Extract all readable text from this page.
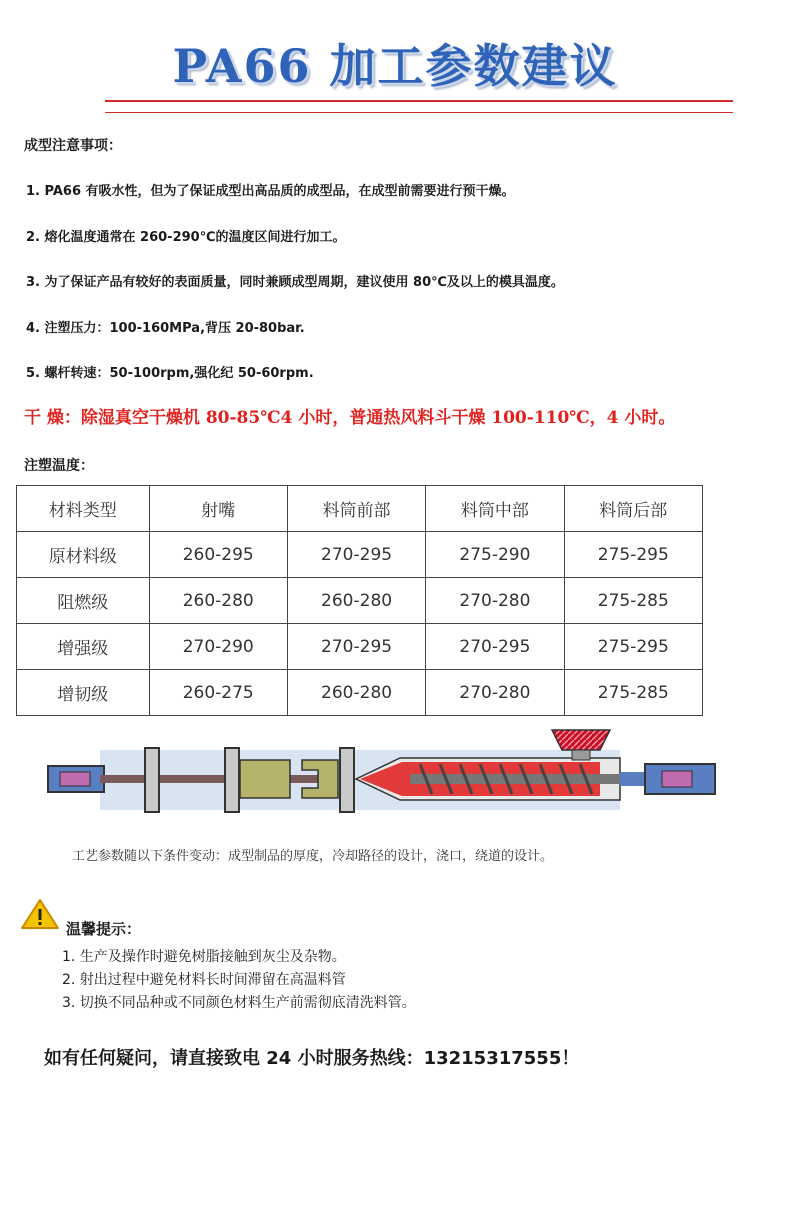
PA66 加工参数建议
成型注意事项：
1. PA66 有吸水性，但为了保证成型出高品质的成型品，在成型前需要进行预干燥。
2. 熔化温度通常在 260-290℃的温度区间进行加工。
3. 为了保证产品有较好的表面质量，同时兼顾成型周期，建议使用 80℃及以上的模具温度。
4. 注塑压力：100-160MPa,背压 20-80bar.
5. 螺杆转速：50-100rpm,强化纪 50-60rpm.
干 燥：除湿真空干燥机 80-85℃4 小时，普通热风料斗干燥 100-110℃，4 小时。
注塑温度：
材料类型	射嘴	料筒前部	料筒中部	料筒后部
原材料级	260-295	270-295	275-290	275-295
阻燃级	260-280	260-280	270-280	275-285
增强级	270-290	270-295	270-295	275-295
增韧级	260-275	260-280	270-280	275-285
工艺参数随以下条件变动：成型制品的厚度，冷却路径的设计，浇口，绕道的设计。
温馨提示：
1. 生产及操作时避免树脂接触到灰尘及杂物。
2. 射出过程中避免材料长时间滞留在高温料管
3. 切换不同品种或不同颜色材料生产前需彻底清洗料管。
如有任何疑问，请直接致电 24 小时服务热线：13215317555！
